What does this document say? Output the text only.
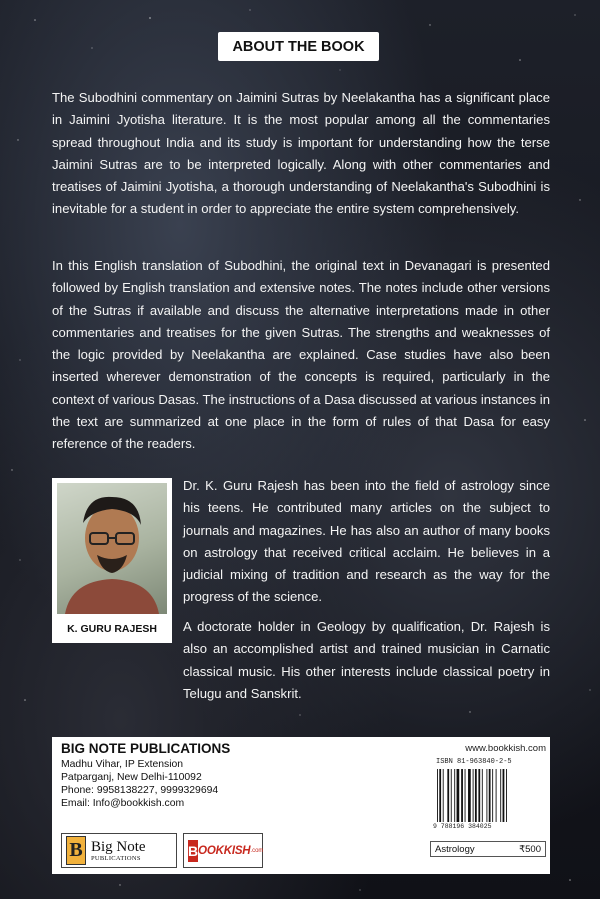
ABOUT THE BOOK
The Subodhini commentary on Jaimini Sutras by Neelakantha has a significant place in Jaimini Jyotisha literature. It is the most popular among all the commentaries spread throughout India and its study is important for understanding how the terse Jaimini Sutras are to be interpreted logically. Along with other commentaries and treatises of Jaimini Jyotisha, a thorough understanding of Neelakantha's Subodhini is inevitable for a student in order to appreciate the entire system comprehensively.
In this English translation of Subodhini, the original text in Devanagari is presented followed by English translation and extensive notes. The notes include other versions of the Sutras if available and discuss the alternative interpretations made in other commentaries and treatises for the given Sutras. The strengths and weaknesses of the logic provided by Neelakantha are explained. Case studies have also been inserted wherever demonstration of the concepts is required, particularly in the context of various Dasas. The instructions of a Dasa discussed at various instances in the text are summarized at one place in the form of rules of that Dasa for easy reference of the readers.
K. GURU RAJESH
Dr. K. Guru Rajesh has been into the field of astrology since his teens. He contributed many articles on the subject to journals and magazines. He has also an author of many books on astrology that received critical acclaim. He believes in a judicial mixing of tradition and research as the way for the progress of the science.
A doctorate holder in Geology by qualification, Dr. Rajesh is also an accomplished artist and trained musician in Carnatic classical music. His other interests include classical poetry in Telugu and Sanskrit.
BIG NOTE PUBLICATIONS
Madhu Vihar, IP Extension
Patparganj, New Delhi-110092
Phone: 9958138227, 9999329694
Email: Info@bookkish.com
B Big Note
PUBLICATIONS	B OOKKISH .com
www.bookkish.com
ISBN 81-963840-2-5
9 788196 384025
Astrology	₹500
